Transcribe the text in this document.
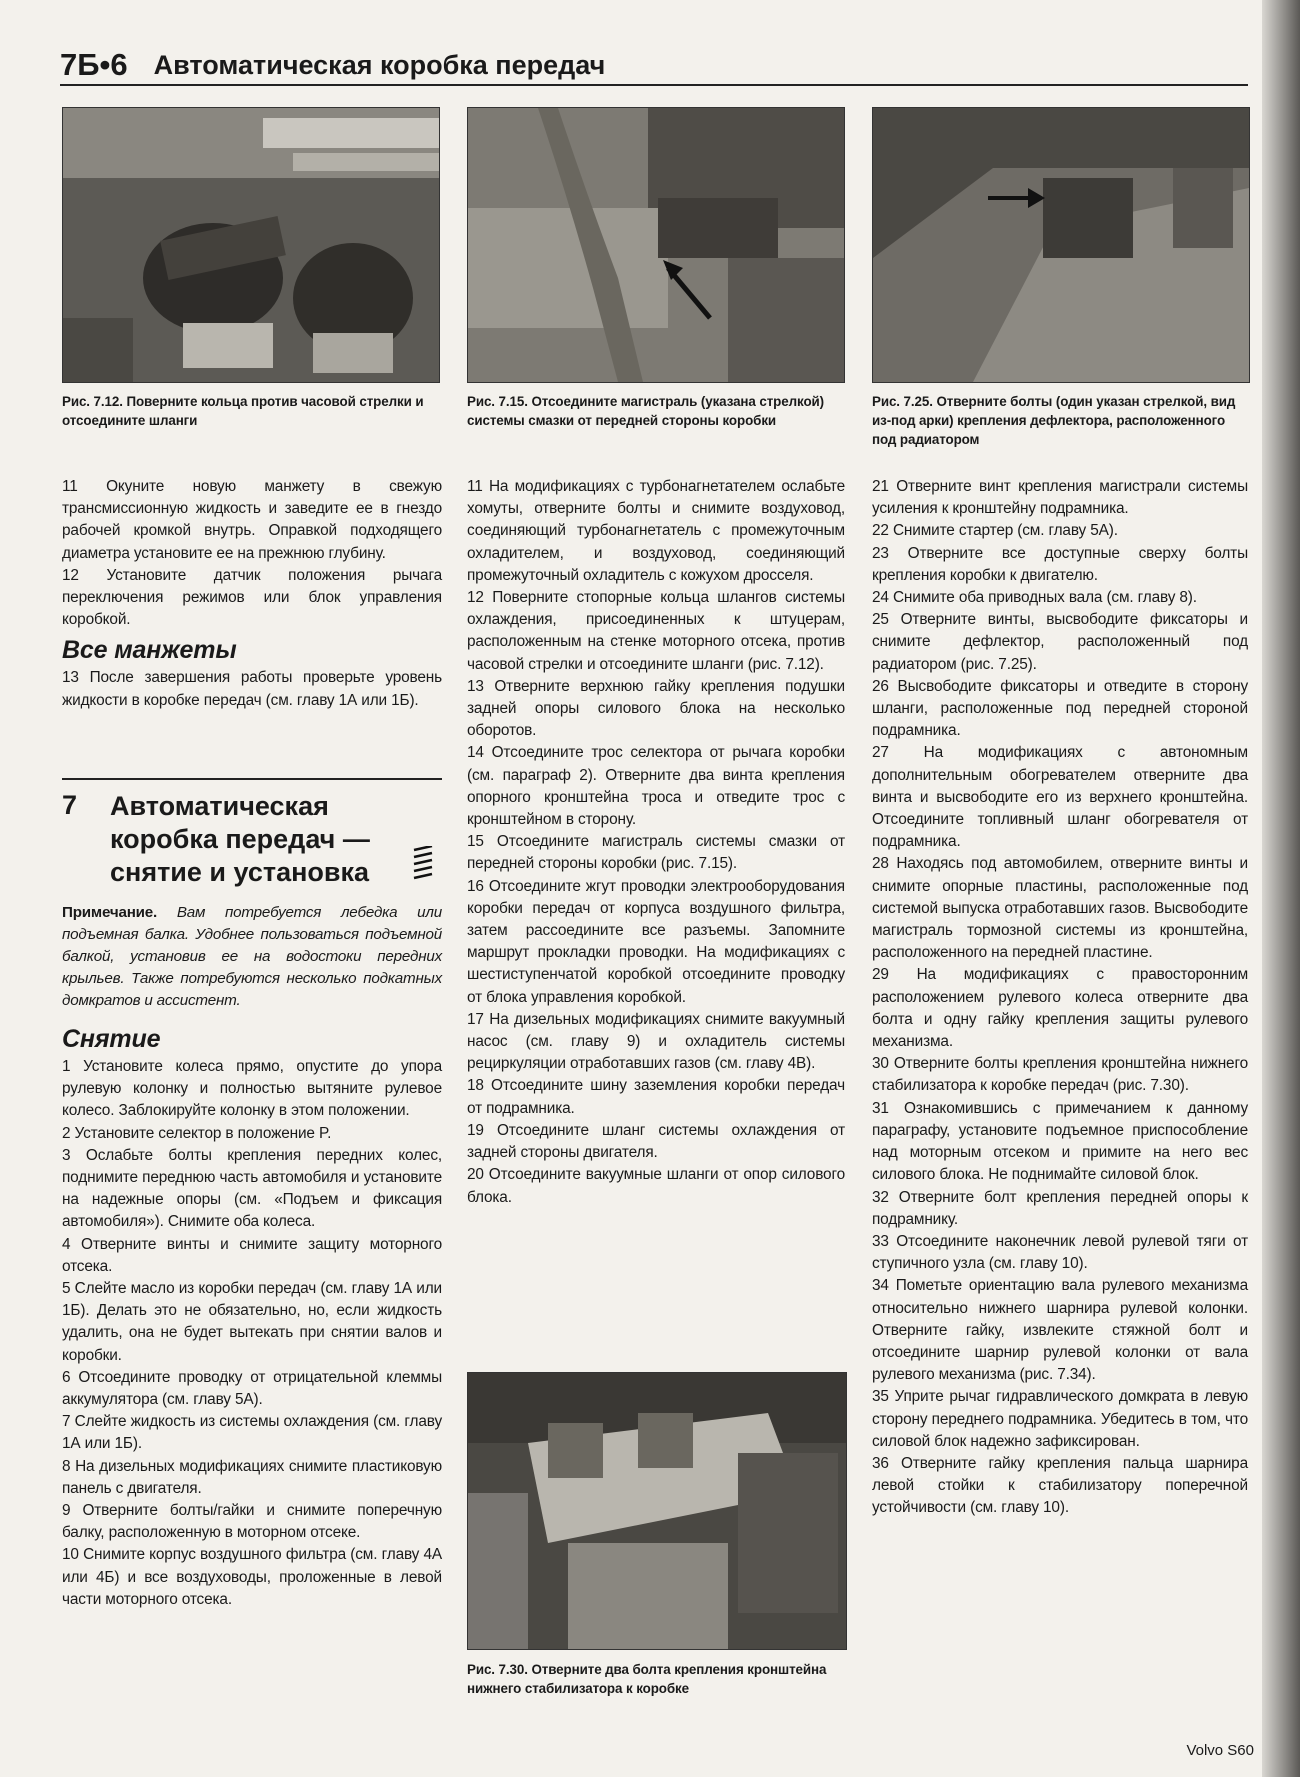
7Б•6 Автоматическая коробка передач
Рис. 7.12. Поверните кольца против часовой стрелки и отсоедините шланги
Рис. 7.15. Отсоедините магистраль (указана стрелкой) системы смазки от передней стороны коробки
Рис. 7.25. Отверните болты (один указан стрелкой, вид из-под арки) крепления дефлектора, расположенного под радиатором

11 Окуните новую манжету в свежую трансмиссионную жидкость и заведите ее в гнездо рабочей кромкой внутрь. Оправкой подходящего диаметра установите ее на прежнюю глубину.

12 Установите датчик положения рычага переключения режимов или блок управления коробкой.

Все манжеты

13 После завершения работы проверьте уровень жидкости в коробке передач (см. главу 1А или 1Б).

7 Автоматическая
коробка передач —
снятие и установка
Примечание. Вам потребуется лебедка или подъемная балка. Удобнее пользоваться подъемной балкой, установив ее на водостоки передних крыльев. Также потребуются несколько подкатных домкратов и ассистент.
Снятие

1 Установите колеса прямо, опустите до упора рулевую колонку и полностью вытяните рулевое колесо. Заблокируйте колонку в этом положении.

2 Установите селектор в положение P.

3 Ослабьте болты крепления передних колес, поднимите переднюю часть автомобиля и установите на надежные опоры (см. «Подъем и фиксация автомобиля»). Снимите оба колеса.

4 Отверните винты и снимите защиту моторного отсека.

5 Слейте масло из коробки передач (см. главу 1А или 1Б). Делать это не обязательно, но, если жидкость удалить, она не будет вытекать при снятии валов и коробки.

6 Отсоедините проводку от отрицательной клеммы аккумулятора (см. главу 5А).

7 Слейте жидкость из системы охлаждения (см. главу 1А или 1Б).

8 На дизельных модификациях снимите пластиковую панель с двигателя.

9 Отверните болты/гайки и снимите поперечную балку, расположенную в моторном отсеке.

10 Снимите корпус воздушного фильтра (см. главу 4А или 4Б) и все воздуховоды, проложенные в левой части моторного отсека.

11 На модификациях с турбонагнетателем ослабьте хомуты, отверните болты и снимите воздуховод, соединяющий турбонагнетатель с промежуточным охладителем, и воздуховод, соединяющий промежуточный охладитель с кожухом дросселя.

12 Поверните стопорные кольца шлангов системы охлаждения, присоединенных к штуцерам, расположенным на стенке моторного отсека, против часовой стрелки и отсоедините шланги (рис. 7.12).

13 Отверните верхнюю гайку крепления подушки задней опоры силового блока на несколько оборотов.

14 Отсоедините трос селектора от рычага коробки (см. параграф 2). Отверните два винта крепления опорного кронштейна троса и отведите трос с кронштейном в сторону.

15 Отсоедините магистраль системы смазки от передней стороны коробки (рис. 7.15).

16 Отсоедините жгут проводки электрооборудования коробки передач от корпуса воздушного фильтра, затем рассоедините все разъемы. Запомните маршрут прокладки проводки. На модификациях с шестиступенчатой коробкой отсоедините проводку от блока управления коробкой.

17 На дизельных модификациях снимите вакуумный насос (см. главу 9) и охладитель системы рециркуляции отработавших газов (см. главу 4В).

18 Отсоедините шину заземления коробки передач от подрамника.

19 Отсоедините шланг системы охлаждения от задней стороны двигателя.

20 Отсоедините вакуумные шланги от опор силового блока.

Рис. 7.30. Отверните два болта крепления кронштейна нижнего стабилизатора к коробке

21 Отверните винт крепления магистрали системы усиления к кронштейну подрамника.

22 Снимите стартер (см. главу 5А).

23 Отверните все доступные сверху болты крепления коробки к двигателю.

24 Снимите оба приводных вала (см. главу 8).

25 Отверните винты, высвободите фиксаторы и снимите дефлектор, расположенный под радиатором (рис. 7.25).

26 Высвободите фиксаторы и отведите в сторону шланги, расположенные под передней стороной подрамника.

27 На модификациях с автономным дополнительным обогревателем отверните два винта и высвободите его из верхнего кронштейна. Отсоедините топливный шланг обогревателя от подрамника.

28 Находясь под автомобилем, отверните винты и снимите опорные пластины, расположенные под системой выпуска отработавших газов. Высвободите магистраль тормозной системы из кронштейна, расположенного на передней пластине.

29 На модификациях с правосторонним расположением рулевого колеса отверните два болта и одну гайку крепления защиты рулевого механизма.

30 Отверните болты крепления кронштейна нижнего стабилизатора к коробке передач (рис. 7.30).

31 Ознакомившись с примечанием к данному параграфу, установите подъемное приспособление над моторным отсеком и примите на него вес силового блока. Не поднимайте силовой блок.

32 Отверните болт крепления передней опоры к подрамнику.

33 Отсоедините наконечник левой рулевой тяги от ступичного узла (см. главу 10).

34 Пометьте ориентацию вала рулевого механизма относительно нижнего шарнира рулевой колонки. Отверните гайку, извлеките стяжной болт и отсоедините шарнир рулевой колонки от вала рулевого механизма (рис. 7.34).

35 Уприте рычаг гидравлического домкрата в левую сторону переднего подрамника. Убедитесь в том, что силовой блок надежно зафиксирован.

36 Отверните гайку крепления пальца шарнира левой стойки к стабилизатору поперечной устойчивости (см. главу 10).

Volvo S60
